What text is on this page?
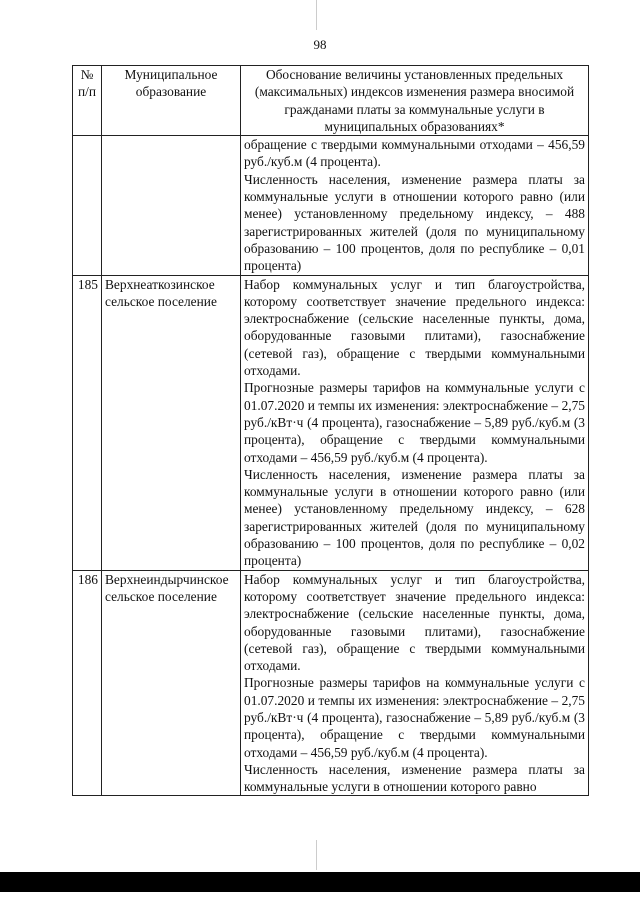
98
№ п/п	Муниципальное образование	Обоснование величины установленных предельных (максимальных) индексов изменения размера вносимой гражданами платы за коммунальные услуги в муниципальных образованиях*

		обращение с твердыми коммунальными отходами – 456,59 руб./куб.м (4 процента).

Численность населения, изменение размера платы за коммунальные услуги в отношении которого равно (или менее) установленному предельному индексу, – 488 зарегистрированных жителей (доля по муниципальному образованию – 100 процентов, доля по республике – 0,01 процента)

185	Верхнеаткозинское сельское поселение	Набор коммунальных услуг и тип благоустройства, которому соответствует значение предельного индекса: электроснабжение (сельские населенные пункты, дома, оборудованные газовыми плитами), газоснабжение (сетевой газ), обращение с твердыми коммунальными отходами.

Прогнозные размеры тарифов на коммунальные услуги с 01.07.2020 и темпы их изменения: электроснабжение – 2,75 руб./кВт·ч (4 процента), газоснабжение – 5,89 руб./куб.м (3 процента), обращение с твердыми коммунальными отходами – 456,59 руб./куб.м (4 процента).

Численность населения, изменение размера платы за коммунальные услуги в отношении которого равно (или менее) установленному предельному индексу, – 628 зарегистрированных жителей (доля по муниципальному образованию – 100 процентов, доля по республике – 0,02 процента)

186	Верхнеиндырчинское сельское поселение	Набор коммунальных услуг и тип благоустройства, которому соответствует значение предельного индекса: электроснабжение (сельские населенные пункты, дома, оборудованные газовыми плитами), газоснабжение (сетевой газ), обращение с твердыми коммунальными отходами.

Прогнозные размеры тарифов на коммунальные услуги с 01.07.2020 и темпы их изменения: электроснабжение – 2,75 руб./кВт·ч (4 процента), газоснабжение – 5,89 руб./куб.м (3 процента), обращение с твердыми коммунальными отходами – 456,59 руб./куб.м (4 процента).

Численность населения, изменение размера платы за коммунальные услуги в отношении которого равно
